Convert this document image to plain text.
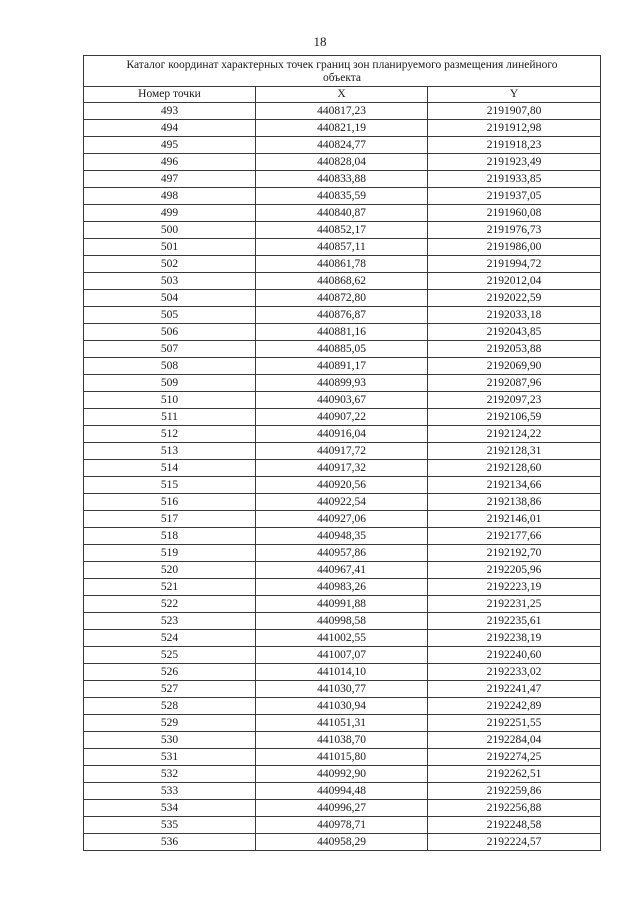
18
Каталог координат характерных точек границ зон планируемого размещения линейного объекта		
Номер точки	X	Y
493	440817,23	2191907,80
494	440821,19	2191912,98
495	440824,77	2191918,23
496	440828,04	2191923,49
497	440833,88	2191933,85
498	440835,59	2191937,05
499	440840,87	2191960,08
500	440852,17	2191976,73
501	440857,11	2191986,00
502	440861,78	2191994,72
503	440868,62	2192012,04
504	440872,80	2192022,59
505	440876,87	2192033,18
506	440881,16	2192043,85
507	440885,05	2192053,88
508	440891,17	2192069,90
509	440899,93	2192087,96
510	440903,67	2192097,23
511	440907,22	2192106,59
512	440916,04	2192124,22
513	440917,72	2192128,31
514	440917,32	2192128,60
515	440920,56	2192134,66
516	440922,54	2192138,86
517	440927,06	2192146,01
518	440948,35	2192177,66
519	440957,86	2192192,70
520	440967,41	2192205,96
521	440983,26	2192223,19
522	440991,88	2192231,25
523	440998,58	2192235,61
524	441002,55	2192238,19
525	441007,07	2192240,60
526	441014,10	2192233,02
527	441030,77	2192241,47
528	441030,94	2192242,89
529	441051,31	2192251,55
530	441038,70	2192284,04
531	441015,80	2192274,25
532	440992,90	2192262,51
533	440994,48	2192259,86
534	440996,27	2192256,88
535	440978,71	2192248,58
536	440958,29	2192224,57
